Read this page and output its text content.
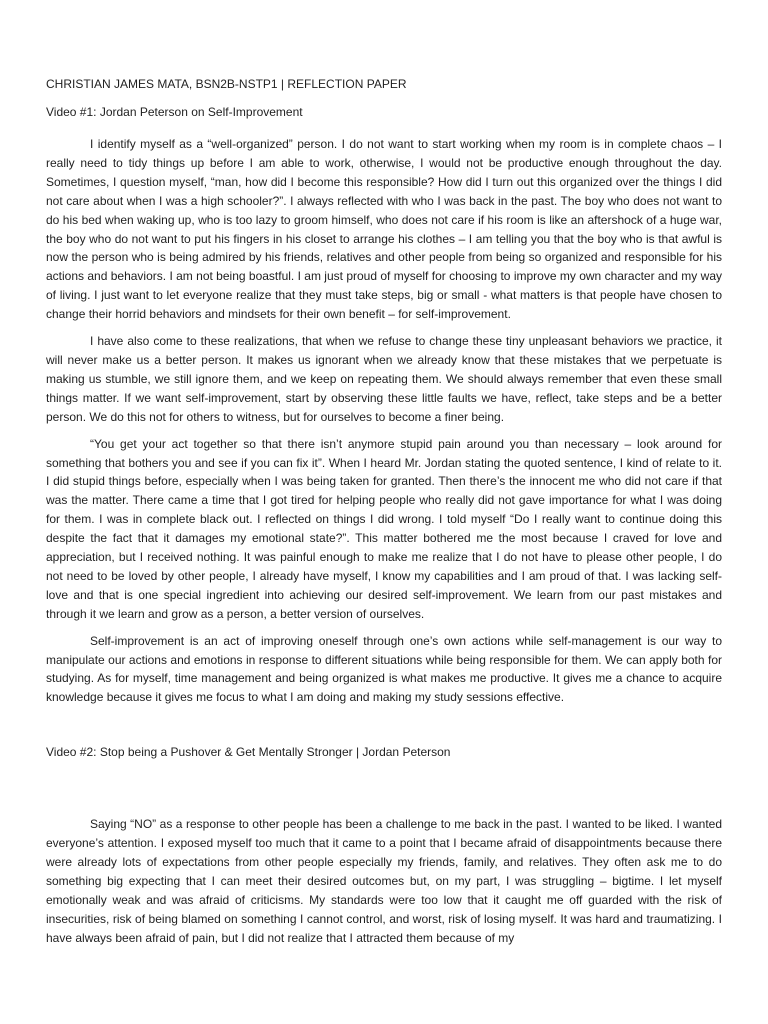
CHRISTIAN JAMES MATA, BSN2B-NSTP1 | REFLECTION PAPER

Video #1: Jordan Peterson on Self-Improvement

I identify myself as a “well-organized” person. I do not want to start working when my room is in complete chaos – I really need to tidy things up before I am able to work, otherwise, I would not be productive enough throughout the day. Sometimes, I question myself, “man, how did I become this responsible? How did I turn out this organized over the things I did not care about when I was a high schooler?”. I always reflected with who I was back in the past. The boy who does not want to do his bed when waking up, who is too lazy to groom himself, who does not care if his room is like an aftershock of a huge war, the boy who do not want to put his fingers in his closet to arrange his clothes – I am telling you that the boy who is that awful is now the person who is being admired by his friends, relatives and other people from being so organized and responsible for his actions and behaviors. I am not being boastful. I am just proud of myself for choosing to improve my own character and my way of living. I just want to let everyone realize that they must take steps, big or small - what matters is that people have chosen to change their horrid behaviors and mindsets for their own benefit – for self-improvement.

I have also come to these realizations, that when we refuse to change these tiny unpleasant behaviors we practice, it will never make us a better person. It makes us ignorant when we already know that these mistakes that we perpetuate is making us stumble, we still ignore them, and we keep on repeating them. We should always remember that even these small things matter. If we want self-improvement, start by observing these little faults we have, reflect, take steps and be a better person. We do this not for others to witness, but for ourselves to become a finer being.

“You get your act together so that there isn’t anymore stupid pain around you than necessary – look around for something that bothers you and see if you can fix it”. When I heard Mr. Jordan stating the quoted sentence, I kind of relate to it. I did stupid things before, especially when I was being taken for granted. Then there’s the innocent me who did not care if that was the matter. There came a time that I got tired for helping people who really did not gave importance for what I was doing for them. I was in complete black out. I reflected on things I did wrong. I told myself “Do I really want to continue doing this despite the fact that it damages my emotional state?”. This matter bothered me the most because I craved for love and appreciation, but I received nothing. It was painful enough to make me realize that I do not have to please other people, I do not need to be loved by other people, I already have myself, I know my capabilities and I am proud of that. I was lacking self-love and that is one special ingredient into achieving our desired self-improvement. We learn from our past mistakes and through it we learn and grow as a person, a better version of ourselves.

Self-improvement is an act of improving oneself through one’s own actions while self-management is our way to manipulate our actions and emotions in response to different situations while being responsible for them. We can apply both for studying. As for myself, time management and being organized is what makes me productive. It gives me a chance to acquire knowledge because it gives me focus to what I am doing and making my study sessions effective.

Video #2: Stop being a Pushover & Get Mentally Stronger | Jordan Peterson

Saying “NO” as a response to other people has been a challenge to me back in the past. I wanted to be liked. I wanted everyone’s attention. I exposed myself too much that it came to a point that I became afraid of disappointments because there were already lots of expectations from other people especially my friends, family, and relatives. They often ask me to do something big expecting that I can meet their desired outcomes but, on my part, I was struggling – bigtime. I let myself emotionally weak and was afraid of criticisms. My standards were too low that it caught me off guarded with the risk of insecurities, risk of being blamed on something I cannot control, and worst, risk of losing myself. It was hard and traumatizing. I have always been afraid of pain, but I did not realize that I attracted them because of my
